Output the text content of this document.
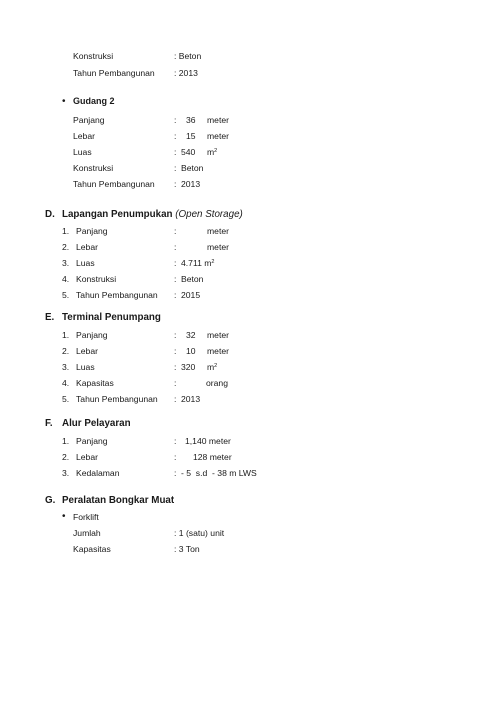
Konstruksi	: Beton
Tahun Pembangunan : 2013
• Gudang 2
Panjang	: 36 meter
Lebar	: 15 meter
Luas	: 540 $m^2$
Konstruksi	: Beton
Tahun Pembangunan : 2013
D. Lapangan Penumpukan (Open Storage)
1. Panjang	:	meter
2. Lebar	:	meter
3. Luas	: 4.711 $m^2$
4. Konstruksi	: Beton
5. Tahun Pembangunan : 2015
E. Terminal Penumpang
1. Panjang	: 32 meter
2. Lebar	: 10 meter
3. Luas	: 320 $m^2$
4. Kapasitas	:	orang
5. Tahun Pembangunan : 2013
F. Alur Pelayaran
1. Panjang	: 1,140 meter
2. Lebar	: 128 meter
3. Kedalaman	: - 5  s.d  - 38 m LWS
G. Peralatan Bongkar Muat
• Forklift
Jumlah	: 1 (satu) unit
Kapasitas	: 3 Ton
